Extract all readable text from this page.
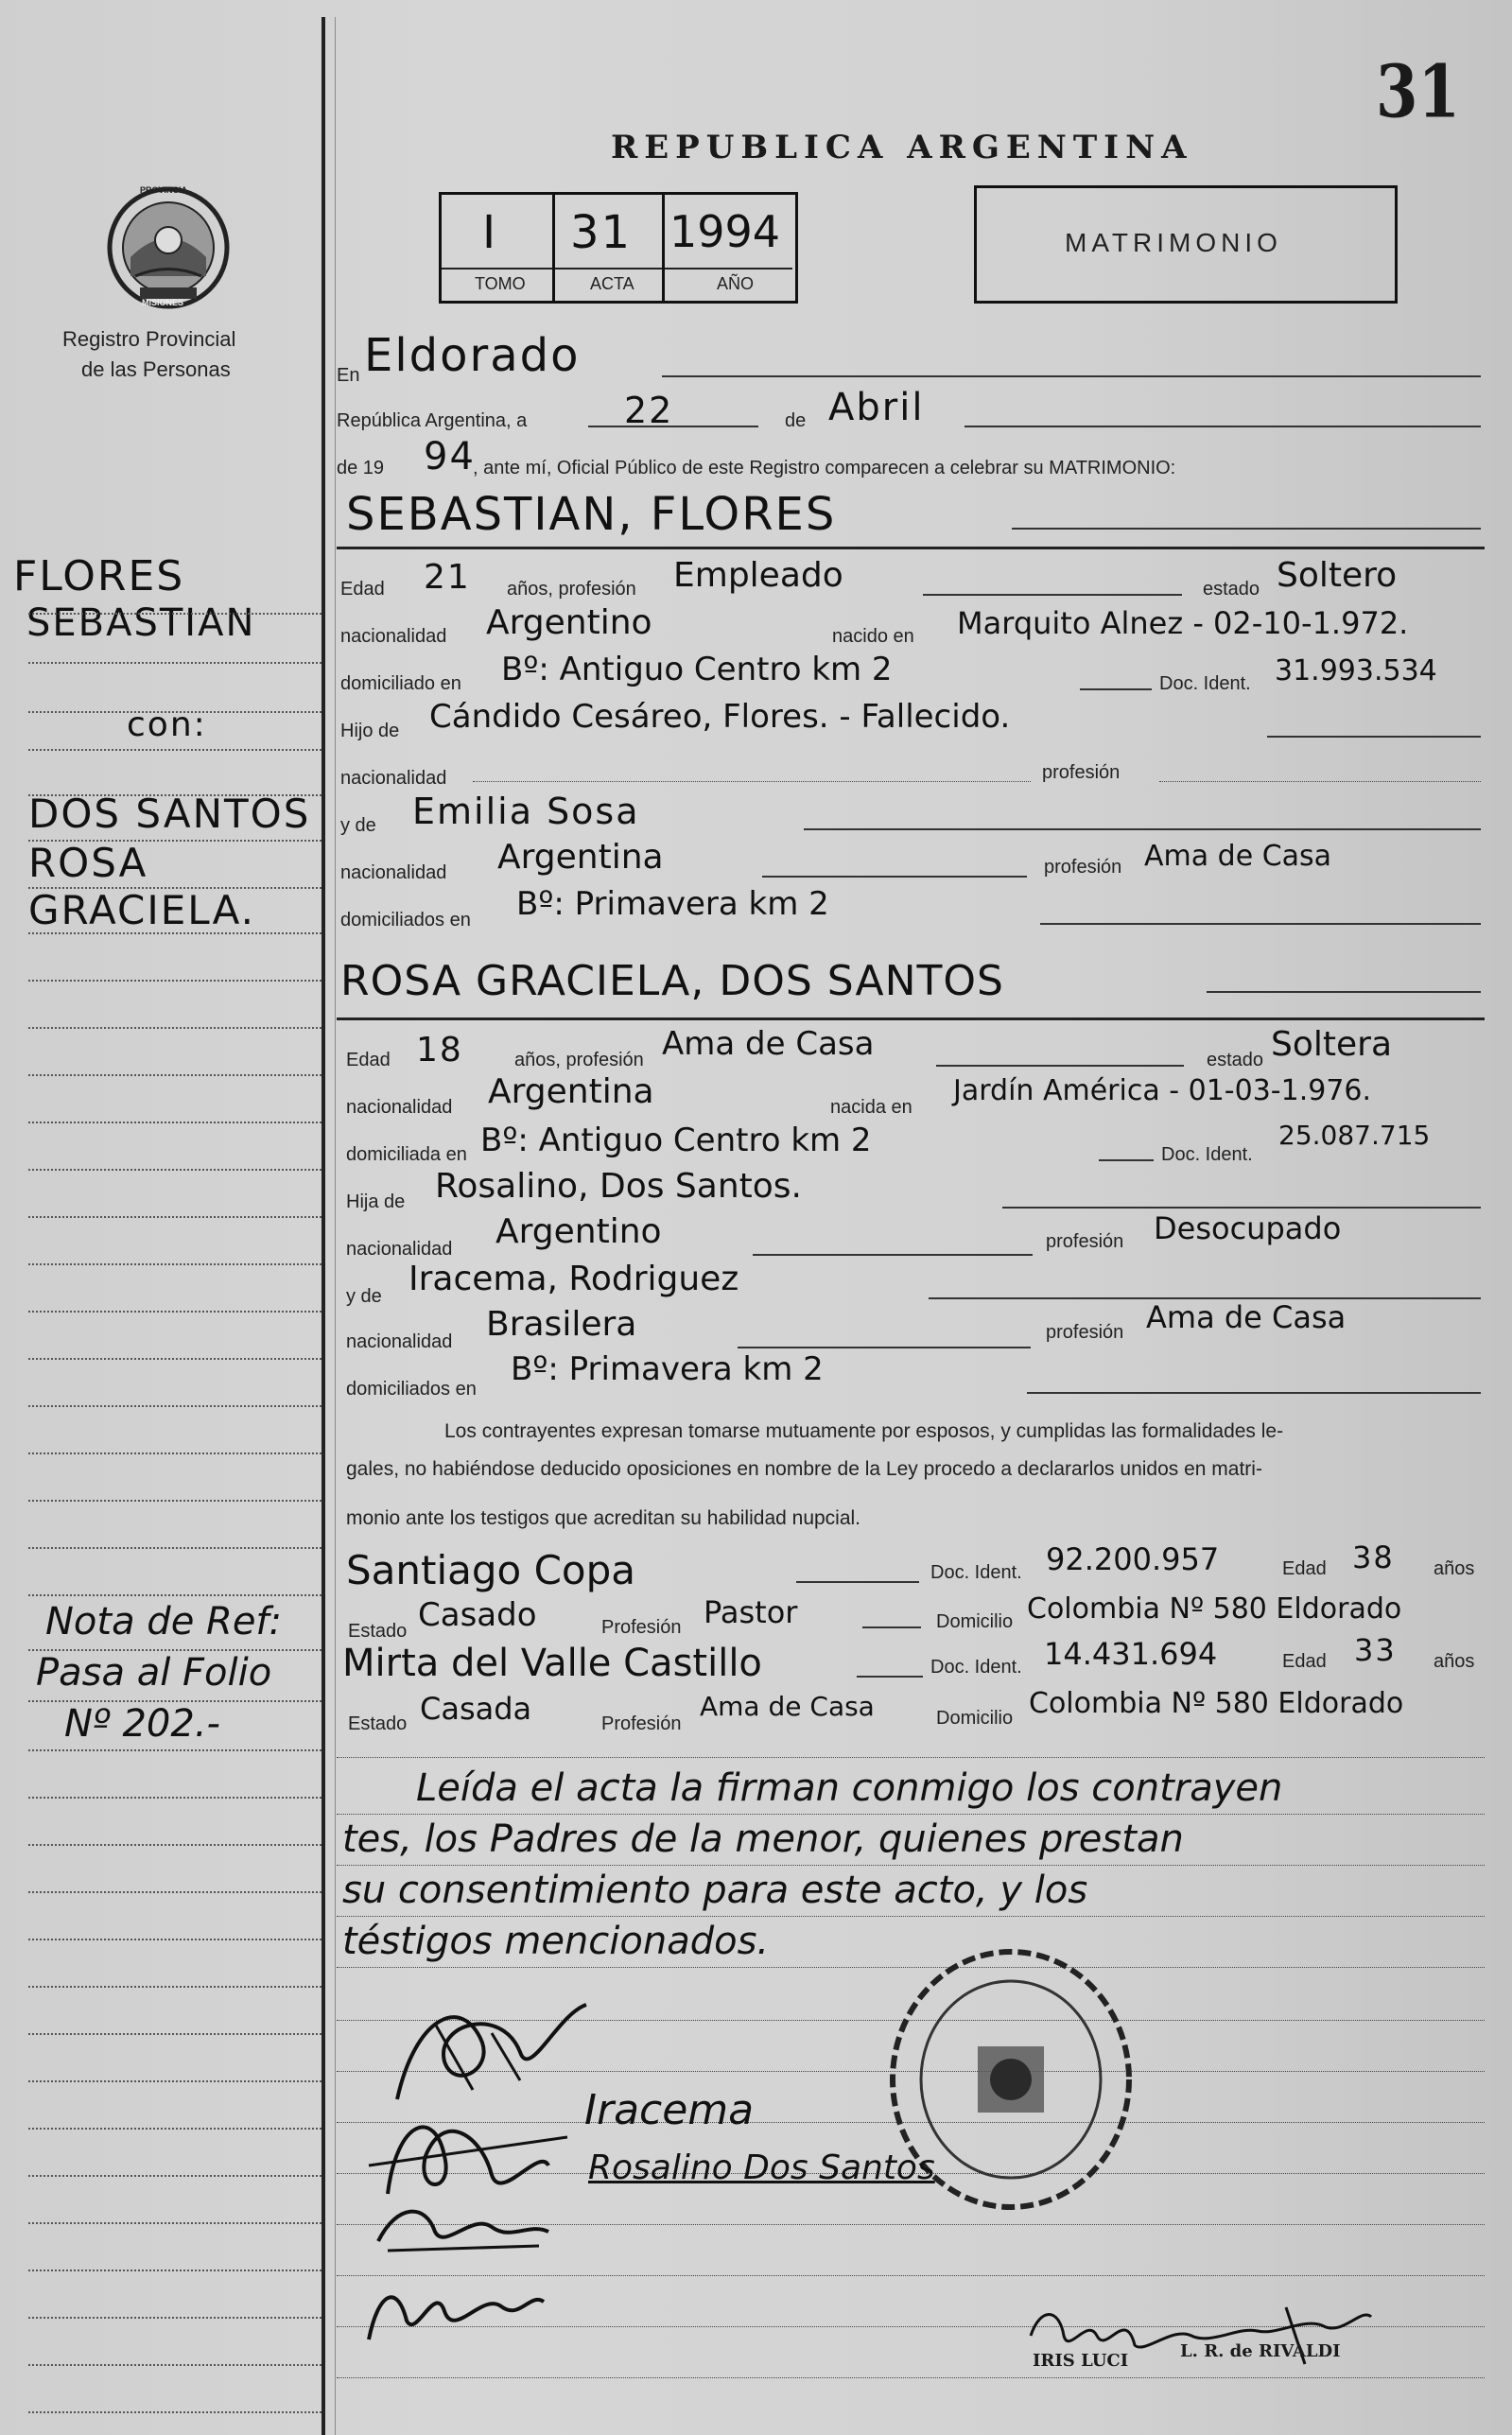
31
PROVINCIA
MISIONES
Registro Provincial
de las Personas
REPUBLICA ARGENTINA
I 31 1994
TOMO	ACTA	AÑO
MATRIMONIO
FLORES
SEBASTIAN
con:
DOS SANTOS
ROSA
GRACIELA.
Nota de Ref:
Pasa al Folio
Nº 202.-
En Eldorado
República Argentina, a	22	de Abril
de 19 94
, ante mí, Oficial Público de este Registro comparecen a celebrar su MATRIMONIO:
SEBASTIAN, FLORES
Edad 21 años, profesión Empleado	estado Soltero
nacionalidad Argentino	nacido en Marquito Alnez - 02-10-1.972.
domiciliado en Bº: Antiguo Centro km 2	Doc. Ident. 31.993.534
Hijo de Cándido Cesáreo, Flores. - Fallecido.
nacionalidad	profesión
y de Emilia Sosa
nacionalidad Argentina	profesión Ama de Casa
domiciliados en Bº: Primavera km 2
ROSA GRACIELA, DOS SANTOS
Edad 18	años, profesión Ama de Casa	estado Soltera
nacionalidad Argentina	nacida en Jardín América - 01-03-1.976.
domiciliada en Bº: Antiguo Centro km 2	Doc. Ident.
25.087.715
Hija de Rosalino, Dos Santos.
nacionalidad Argentino	profesión Desocupado
y de Iracema, Rodriguez
nacionalidad Brasilera	profesión Ama de Casa
domiciliados en
Bº: Primavera km 2
Los contrayentes expresan tomarse mutuamente por esposos, y cumplidas las formalidades le-
gales, no habiéndose deducido oposiciones en nombre de la Ley procedo a declararlos unidos en matri-
monio ante los testigos que acreditan su habilidad nupcial.
Santiago Copa	Doc. Ident. 92.200.957	Edad 38 años
Estado Casado	Profesión Pastor	Domicilio Colombia Nº 580 Eldorado
Mirta del Valle Castillo	Doc. Ident. 14.431.694	Edad 33 años
Estado Casada	Profesión
Ama de Casa	Domicilio Colombia Nº 580 Eldorado
Leída el acta la firman conmigo los contrayen
tes, los Padres de la menor, quienes prestan
su consentimiento para este acto, y los
téstigos mencionados.
Iracema
Rosalino Dos Santos
IRIS LUCI	L. R. de RIVALDI
